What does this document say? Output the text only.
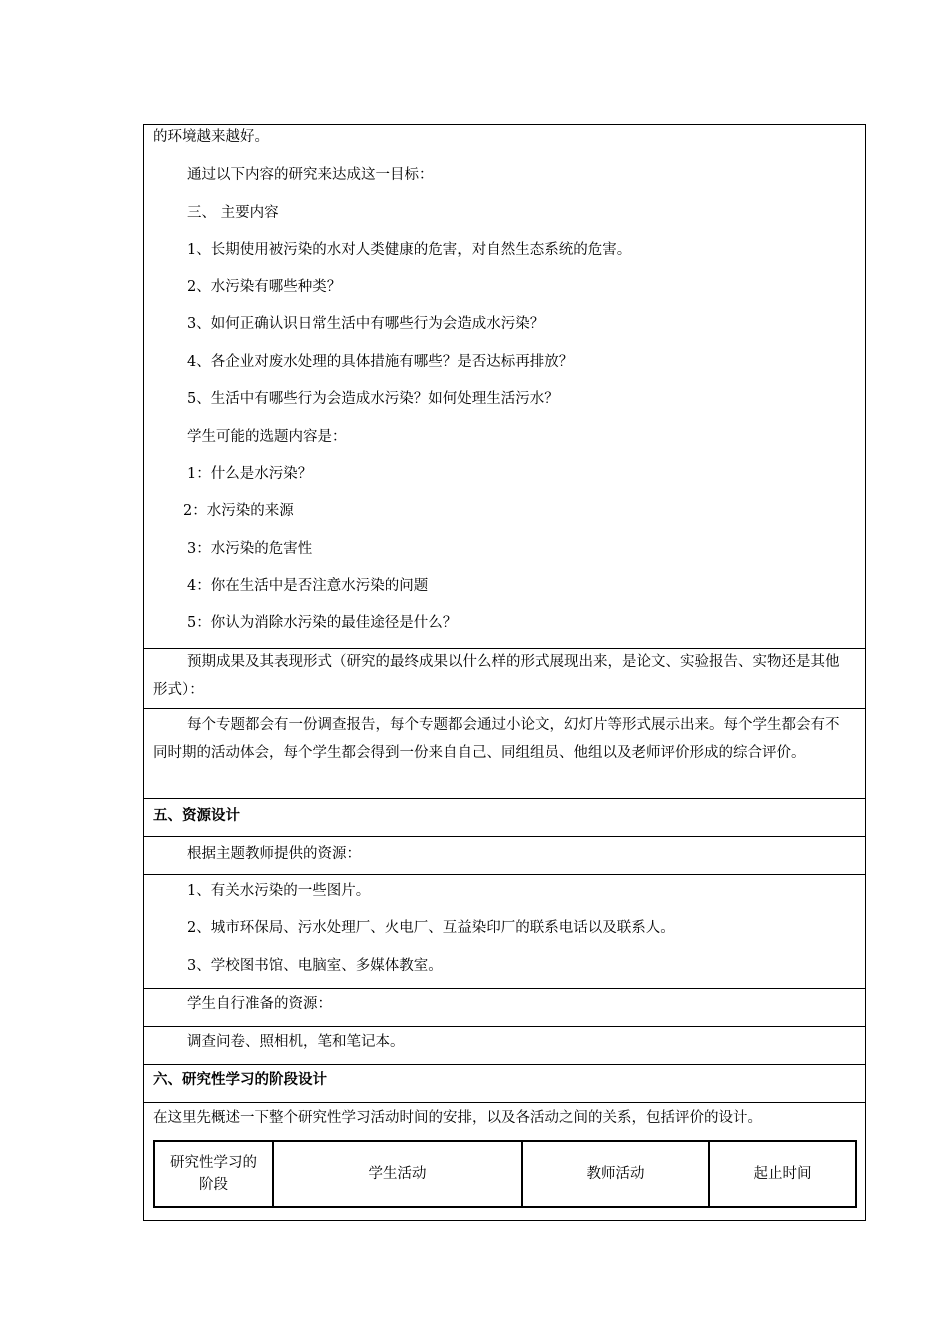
的环境越来越好。
通过以下内容的研究来达成这一目标：
三、 主要内容
1、长期使用被污染的水对人类健康的危害，对自然生态系统的危害。
2、水污染有哪些种类？
3、如何正确认识日常生活中有哪些行为会造成水污染？
4、各企业对废水处理的具体措施有哪些？是否达标再排放？
5、生活中有哪些行为会造成水污染？如何处理生活污水？
学生可能的选题内容是：
1：什么是水污染？
2：水污染的来源
3：水污染的危害性
4：你在生活中是否注意水污染的问题
5：你认为消除水污染的最佳途径是什么？
预期成果及其表现形式（研究的最终成果以什么样的形式展现出来，是论文、实验报告、实物还是其他形式）：
每个专题都会有一份调查报告，每个专题都会通过小论文，幻灯片等形式展示出来。每个学生都会有不同时期的活动体会，每个学生都会得到一份来自自己、同组组员、他组以及老师评价形成的综合评价。
五、资源设计
根据主题教师提供的资源：
1、有关水污染的一些图片。
2、城市环保局、污水处理厂、火电厂、互益染印厂的联系电话以及联系人。
3、学校图书馆、电脑室、多媒体教室。
学生自行准备的资源：
调查问卷、照相机，笔和笔记本。
六、研究性学习的阶段设计
在这里先概述一下整个研究性学习活动时间的安排，以及各活动之间的关系，包括评价的设计。
研究性学习的阶段
学生活动	教师活动	起止时间
